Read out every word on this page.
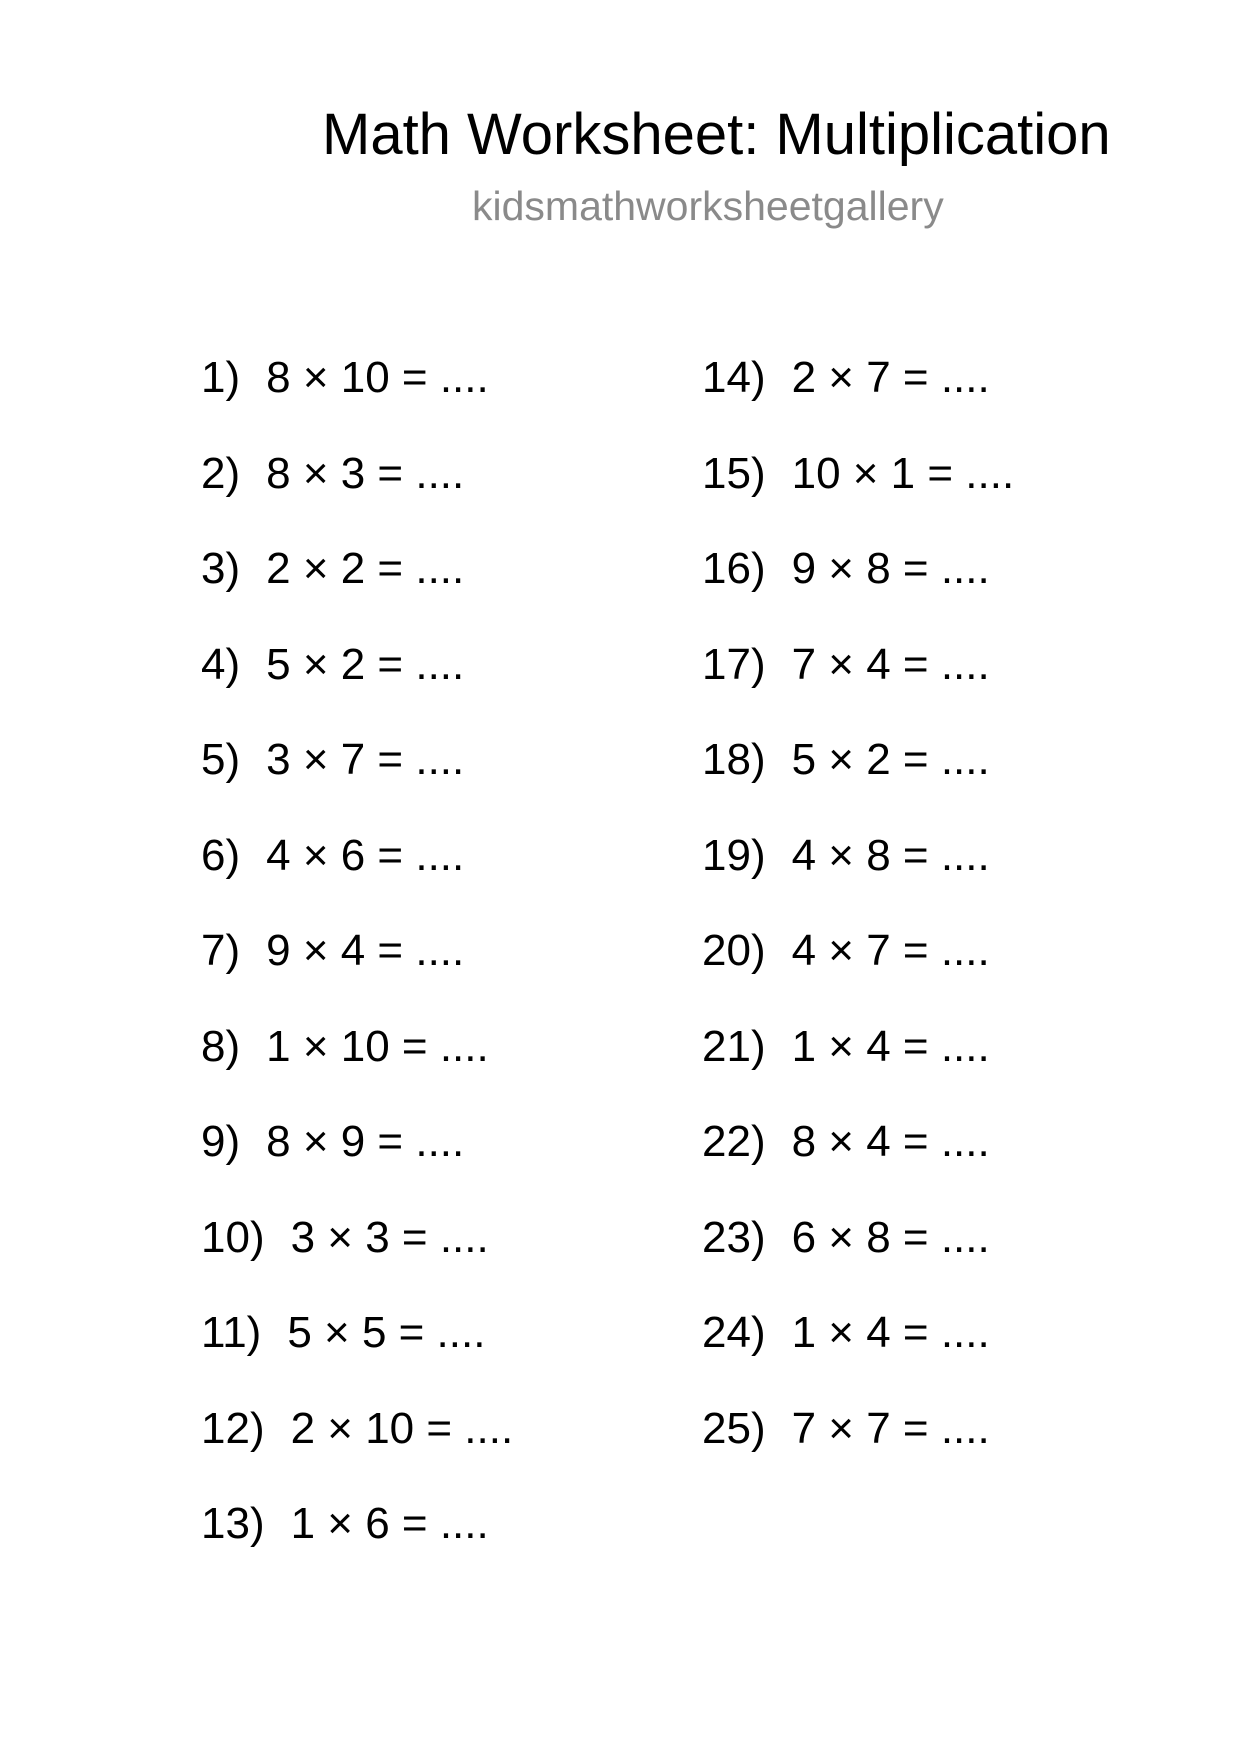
Math Worksheet: Multiplication
kidsmathworksheetgallery
1) 8 × 10 = ....
2) 8 × 3 = ....
3) 2 × 2 = ....
4) 5 × 2 = ....
5) 3 × 7 = ....
6) 4 × 6 = ....
7) 9 × 4 = ....
8) 1 × 10 = ....
9) 8 × 9 = ....
10) 3 × 3 = ....
11) 5 × 5 = ....
12) 2 × 10 = ....
13) 1 × 6 = ....
14) 2 × 7 = ....
15) 10 × 1 = ....
16) 9 × 8 = ....
17) 7 × 4 = ....
18) 5 × 2 = ....
19) 4 × 8 = ....
20) 4 × 7 = ....
21) 1 × 4 = ....
22) 8 × 4 = ....
23) 6 × 8 = ....
24) 1 × 4 = ....
25) 7 × 7 = ....
